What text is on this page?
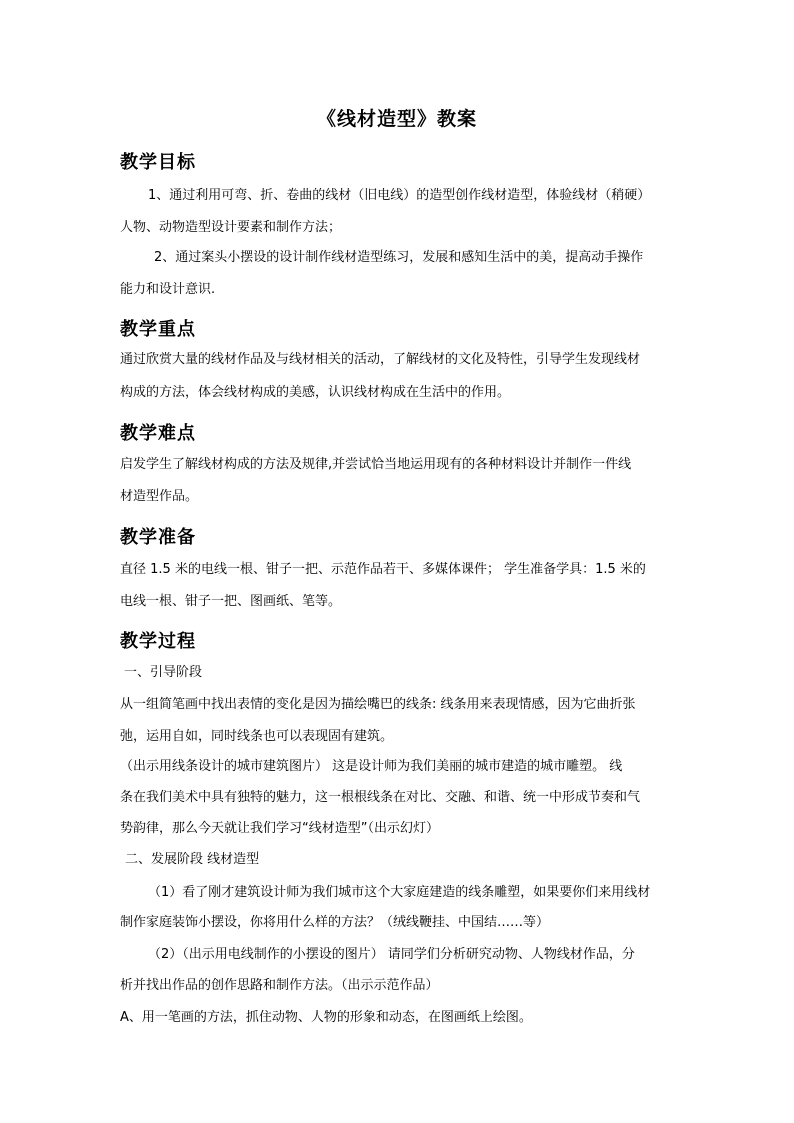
《线材造型》教案
教学目标
1、通过利用可弯、折、卷曲的线材（旧电线）的造型创作线材造型，体验线材（稍硬）
人物、动物造型设计要素和制作方法；
2、通过案头小摆设的设计制作线材造型练习，发展和感知生活中的美，提高动手操作
能力和设计意识.
教学重点
通过欣赏大量的线材作品及与线材相关的活动，了解线材的文化及特性，引导学生发现线材
构成的方法，体会线材构成的美感，认识线材构成在生活中的作用。
教学难点
启发学生了解线材构成的方法及规律,并尝试恰当地运用现有的各种材料设计并制作一件线
材造型作品。
教学准备
直径 1.5 米的电线一根、钳子一把、示范作品若干、多媒体课件； 学生准备学具：1.5 米的
电线一根、钳子一把、图画纸、笔等。
教学过程
一、引导阶段
从一组简笔画中找出表情的变化是因为描绘嘴巴的线条: 线条用来表现情感，因为它曲折张
弛，运用自如，同时线条也可以表现固有建筑。
（出示用线条设计的城市建筑图片） 这是设计师为我们美丽的城市建造的城市雕塑。 线
条在我们美术中具有独特的魅力，这一根根线条在对比、交融、和谐、统一中形成节奏和气
势韵律，那么今天就让我们学习“线材造型”（出示幻灯）
二、发展阶段 线材造型
（1）看了刚才建筑设计师为我们城市这个大家庭建造的线条雕塑，如果要你们来用线材
制作家庭装饰小摆设，你将用什么样的方法？（绒线鞭挂、中国结……等）
（2）（出示用电线制作的小摆设的图片） 请同学们分析研究动物、人物线材作品，分
析并找出作品的创作思路和制作方法。（出示示范作品）
A、用一笔画的方法，抓住动物、人物的形象和动态，在图画纸上绘图。
